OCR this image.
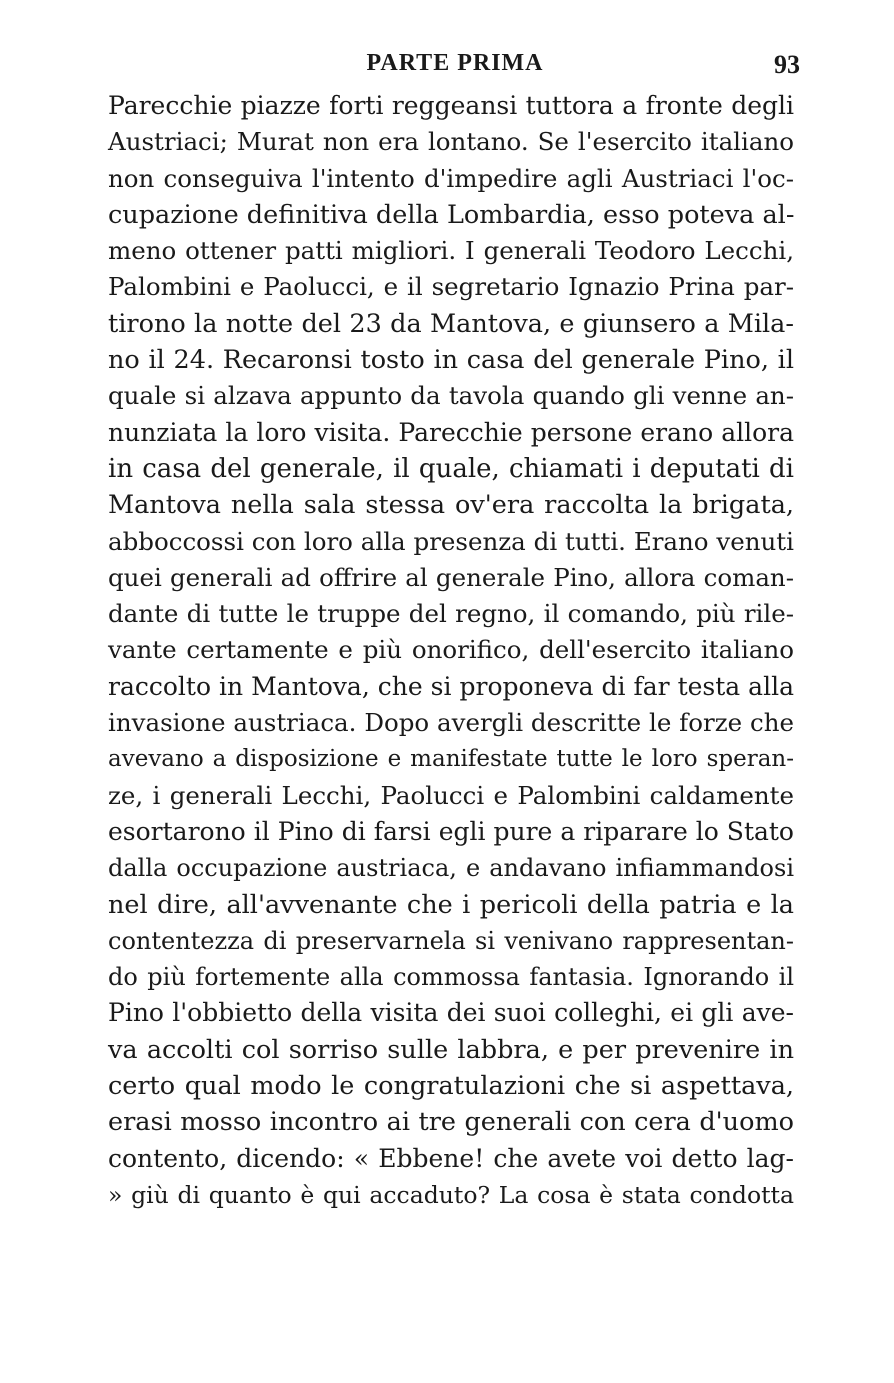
PARTE PRIMA	93
Parecchie piazze forti reggeansi tuttora a fronte degli
Austriaci; Murat non era lontano. Se l'esercito italiano
non conseguiva l'intento d'impedire agli Austriaci l'oc-
cupazione definitiva della Lombardia, esso poteva al-
meno ottener patti migliori. I generali Teodoro Lecchi,
Palombini e Paolucci, e il segretario Ignazio Prina par-
tirono la notte del 23 da Mantova, e giunsero a Mila-
no il 24. Recaronsi tosto in casa del generale Pino, il
quale si alzava appunto da tavola quando gli venne an-
nunziata la loro visita. Parecchie persone erano allora
in casa del generale, il quale, chiamati i deputati di
Mantova nella sala stessa ov'era raccolta la brigata,
abboccossi con loro alla presenza di tutti. Erano venuti
quei generali ad offrire al generale Pino, allora coman-
dante di tutte le truppe del regno, il comando, più rile-
vante certamente e più onorifico, dell'esercito italiano
raccolto in Mantova, che si proponeva di far testa alla
invasione austriaca. Dopo avergli descritte le forze che
avevano a disposizione e manifestate tutte le loro speran-
ze, i generali Lecchi, Paolucci e Palombini caldamente
esortarono il Pino di farsi egli pure a riparare lo Stato
dalla occupazione austriaca, e andavano infiammandosi
nel dire, all'avvenante che i pericoli della patria e la
contentezza di preservarnela si venivano rappresentan-
do più fortemente alla commossa fantasia. Ignorando il
Pino l'obbietto della visita dei suoi colleghi, ei gli ave-
va accolti col sorriso sulle labbra, e per prevenire in
certo qual modo le congratulazioni che si aspettava,
erasi mosso incontro ai tre generali con cera d'uomo
contento, dicendo: « Ebbene! che avete voi detto lag-
» giù di quanto è qui accaduto? La cosa è stata condotta
